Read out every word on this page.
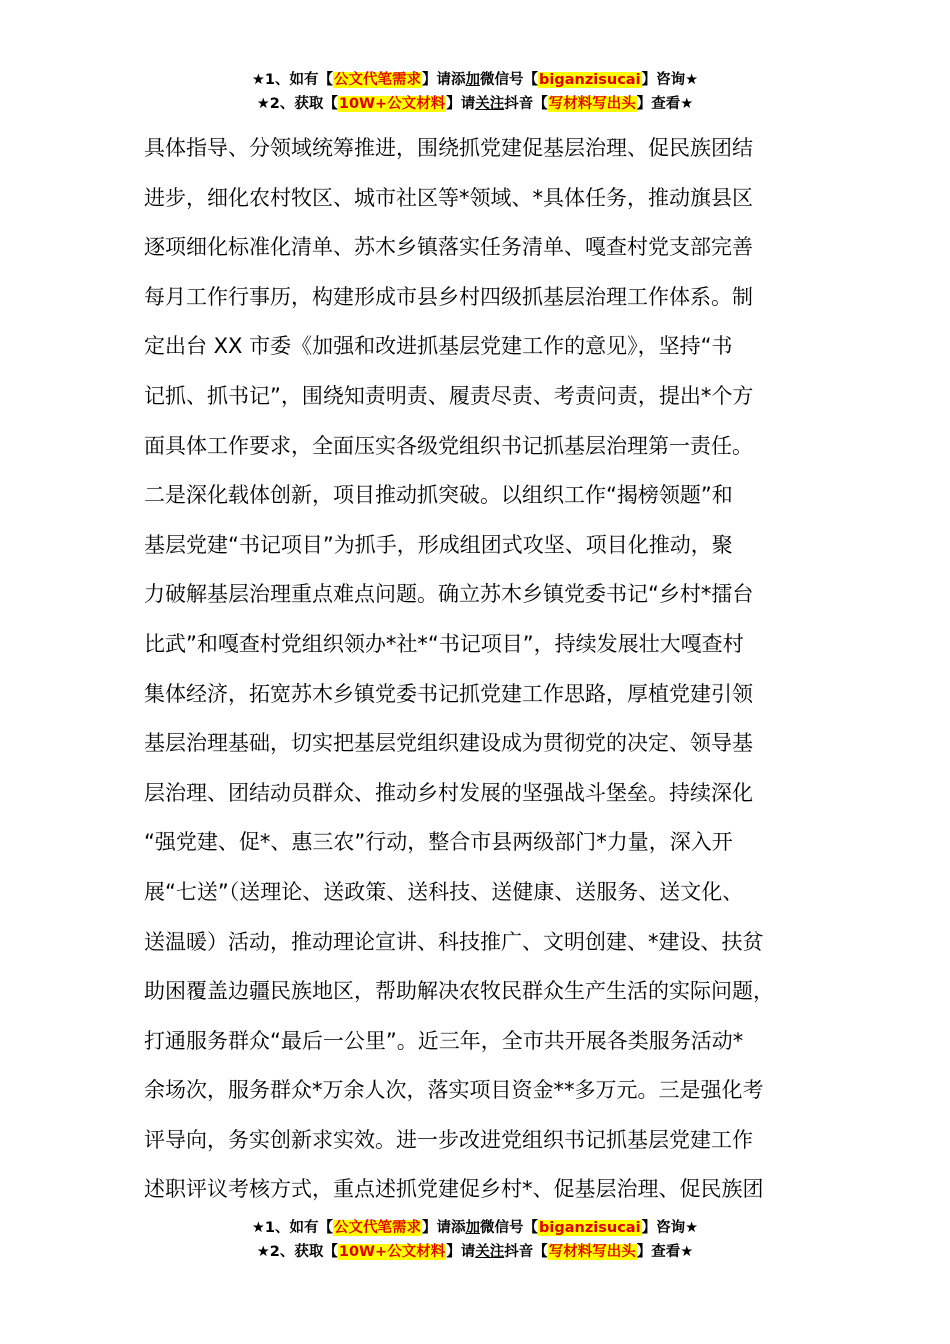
★1、如有【公文代笔需求】请添加微信号【biganzisucai】咨询★
★2、获取【10W+公文材料】请关注抖音【写材料写出头】查看★
具体指导、分领域统筹推进，围绕抓党建促基层治理、促民族团结
进步，细化农村牧区、城市社区等*领域、*具体任务，推动旗县区
逐项细化标准化清单、苏木乡镇落实任务清单、嘎查村党支部完善
每月工作行事历，构建形成市县乡村四级抓基层治理工作体系。制
定出台 XX 市委《加强和改进抓基层党建工作的意见》，坚持“书
记抓、抓书记”，围绕知责明责、履责尽责、考责问责，提出*个方
面具体工作要求，全面压实各级党组织书记抓基层治理第一责任。
二是深化载体创新，项目推动抓突破。以组织工作“揭榜领题”和
基层党建“书记项目”为抓手，形成组团式攻坚、项目化推动，聚
力破解基层治理重点难点问题。确立苏木乡镇党委书记“乡村*擂台
比武”和嘎查村党组织领办*社*“书记项目”，持续发展壮大嘎查村
集体经济，拓宽苏木乡镇党委书记抓党建工作思路，厚植党建引领
基层治理基础，切实把基层党组织建设成为贯彻党的决定、领导基
层治理、团结动员群众、推动乡村发展的坚强战斗堡垒。持续深化
“强党建、促*、惠三农”行动，整合市县两级部门*力量，深入开
展“七送”（送理论、送政策、送科技、送健康、送服务、送文化、
送温暖）活动，推动理论宣讲、科技推广、文明创建、*建设、扶贫
助困覆盖边疆民族地区，帮助解决农牧民群众生产生活的实际问题，
打通服务群众“最后一公里”。近三年，全市共开展各类服务活动*
余场次，服务群众*万余人次，落实项目资金**多万元。三是强化考
评导向，务实创新求实效。进一步改进党组织书记抓基层党建工作
述职评议考核方式，重点述抓党建促乡村*、促基层治理、促民族团
★1、如有【公文代笔需求】请添加微信号【biganzisucai】咨询★
★2、获取【10W+公文材料】请关注抖音【写材料写出头】查看★
